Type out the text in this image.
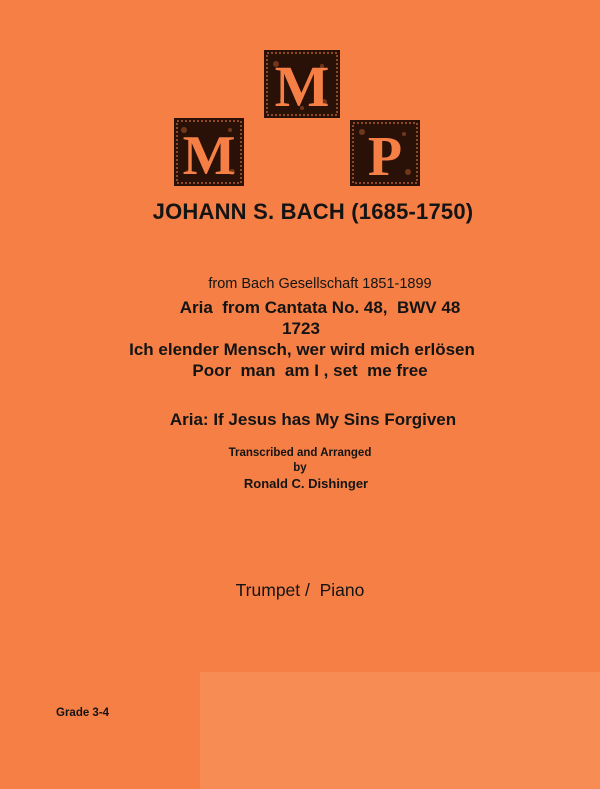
M
M P
JOHANN S. BACH (1685-1750)
from Bach Gesellschaft 1851-1899
Aria  from Cantata No. 48,  BWV 48
1723
Ich elender Mensch, wer wird mich erlösen
Poor  man  am I , set  me free
Aria: If Jesus has My Sins Forgiven
Transcribed and Arranged
by
Ronald C. Dishinger
Trumpet /  Piano
Grade 3-4
